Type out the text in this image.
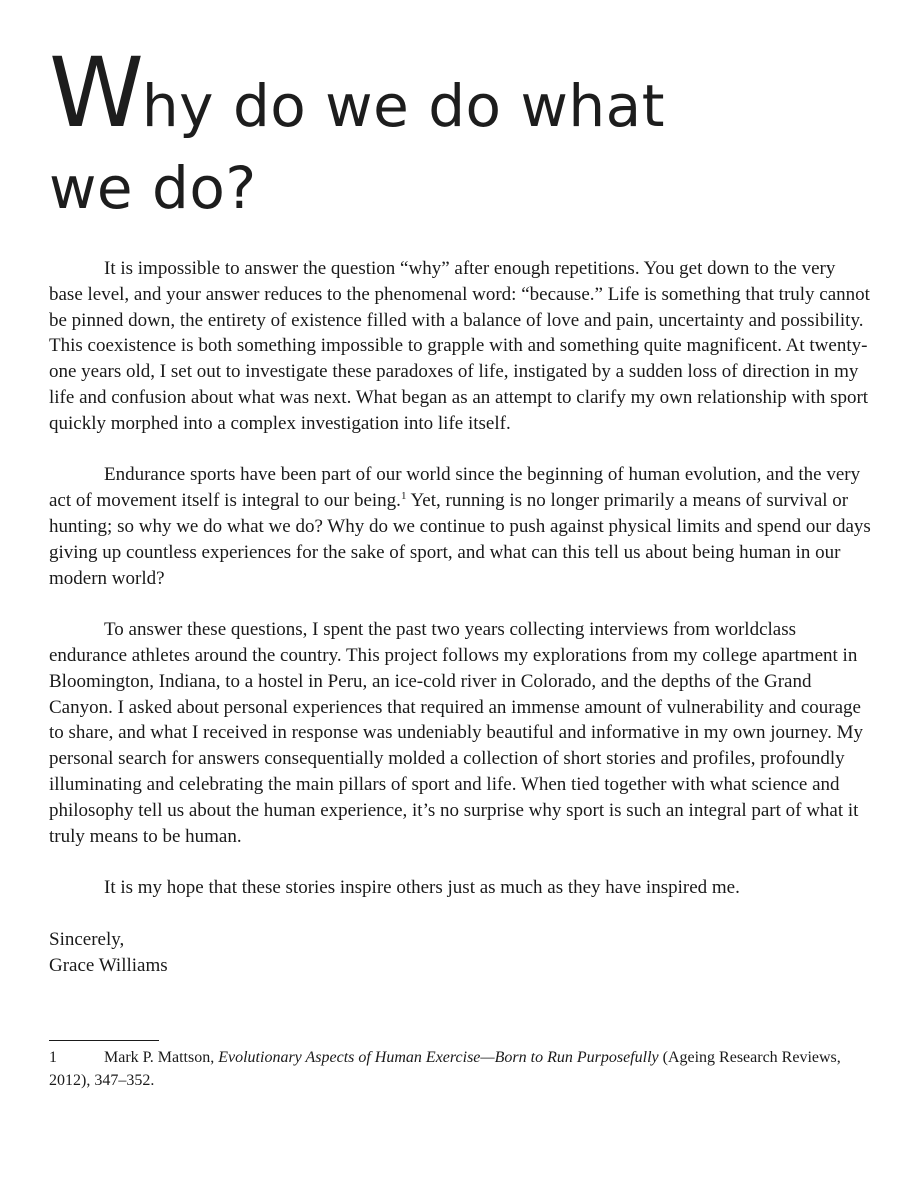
Why do we do what
we do?

It is impossible to answer the question “why” after enough repetitions. You get down to the very base level, and your answer reduces to the phenomenal word: “because.” Life is something that truly cannot be pinned down, the entirety of existence filled with a balance of love and pain, uncertainty and possibility. This coexistence is both something impossible to grapple with and something quite magnificent. At twenty-one years old, I set out to investigate these paradoxes of life, instigated by a sudden loss of direction in my life and confusion about what was next. What began as an attempt to clarify my own relationship with sport quickly morphed into a complex investigation into life itself.

Endurance sports have been part of our world since the beginning of human evolution, and the very act of movement itself is integral to our being.$^1$ Yet, running is no longer primarily a means of survival or hunting; so why we do what we do? Why do we continue to push against physical limits and spend our days giving up countless experiences for the sake of sport, and what can this tell us about being human in our modern world?

To answer these questions, I spent the past two years collecting interviews from worldclass endurance athletes around the country. This project follows my explorations from my college apartment in Bloomington, Indiana, to a hostel in Peru, an ice-cold river in Colorado, and the depths of the Grand Canyon. I asked about personal experiences that required an immense amount of vulnerability and courage to share, and what I received in response was undeniably beautiful and informative in my own journey. My personal search for answers consequentially molded a collection of short stories and profiles, profoundly illuminating and celebrating the main pillars of sport and life. When tied together with what science and philosophy tell us about the human experience, it’s no surprise why sport is such an integral part of what it truly means to be human.

It is my hope that these stories inspire others just as much as they have inspired me.

Sincerely,
Grace Williams

1	Mark P. Mattson, Evolutionary Aspects of Human Exercise—Born to Run Purposefully (Ageing Research Reviews, 2012), 347–352.
